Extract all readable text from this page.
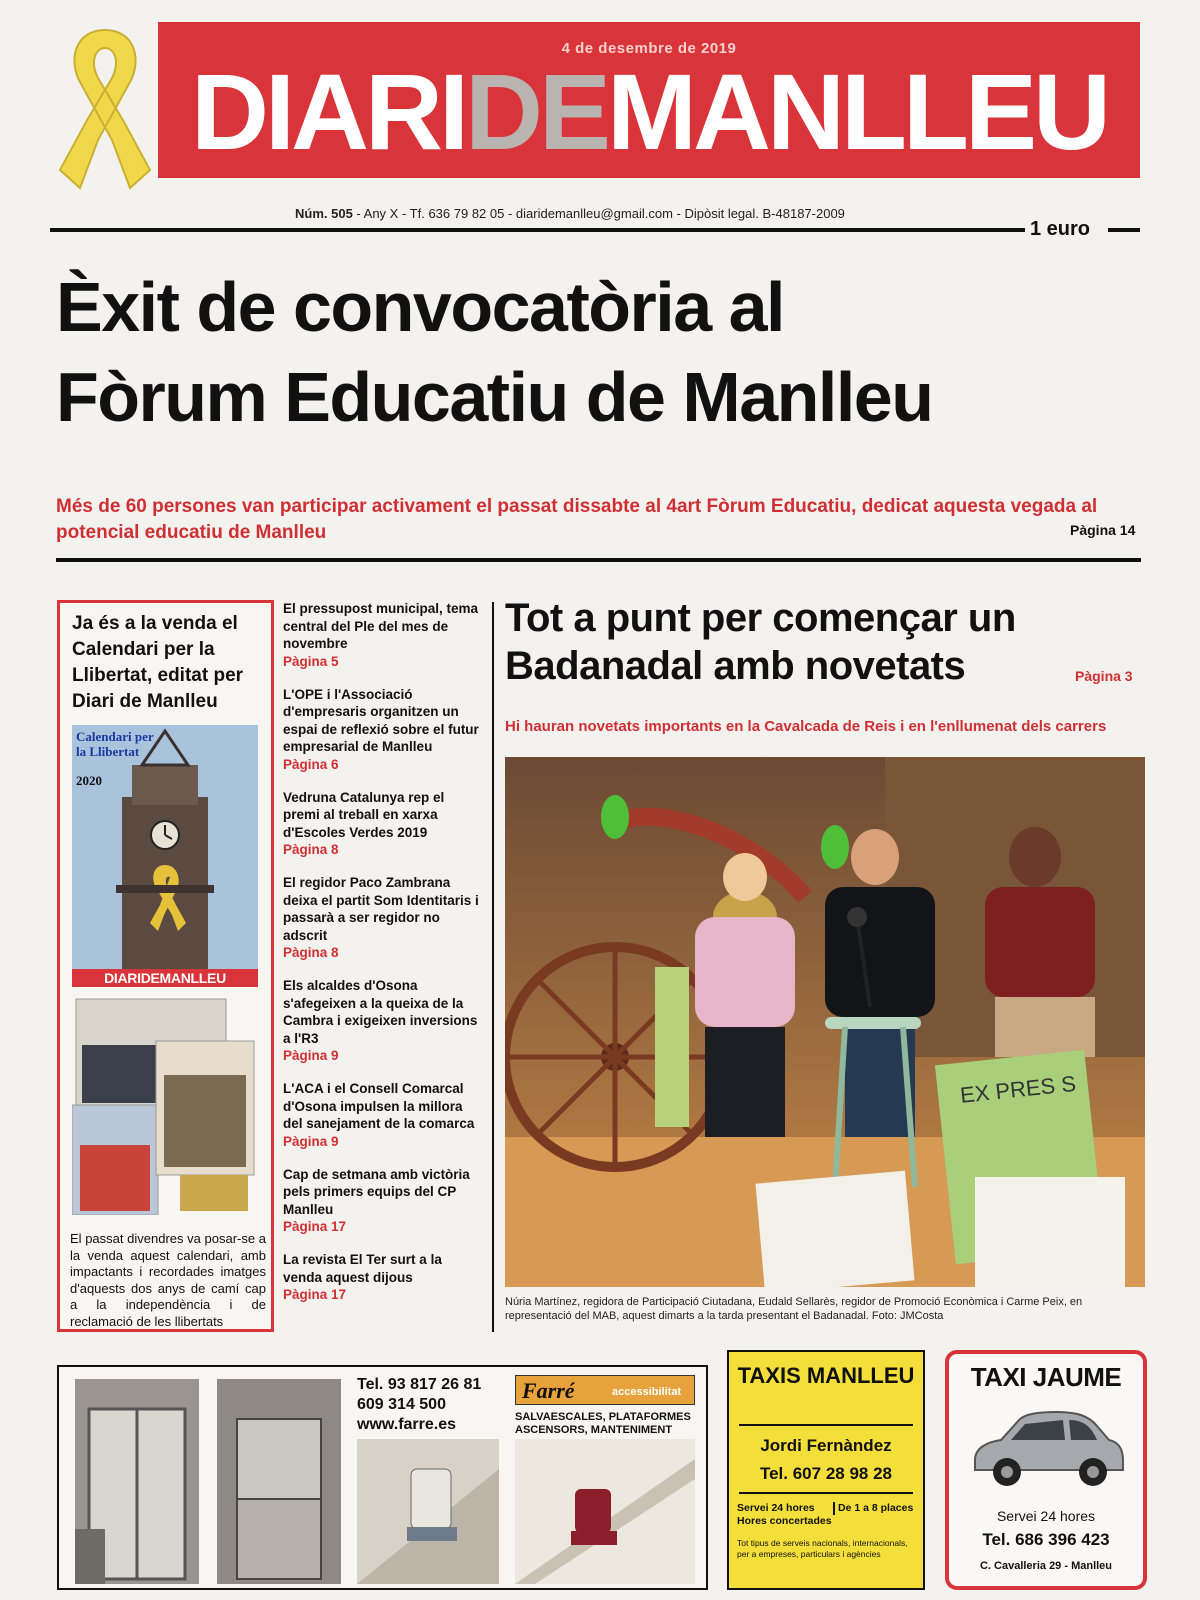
4 de desembre de 2019
DIARIDEMANLLEU
Núm. 505 - Any X - Tf. 636 79 82 05 - diaridemanlleu@gmail.com - Dipòsit legal. B-48187-2009
1 euro
Èxit de convocatòria al
Fòrum Educatiu de Manlleu
Més de 60 persones van participar activament el passat dissabte al 4art Fòrum Educatiu, dedicat aquesta vegada al potencial educatiu de Manlleu	Pàgina 14
Ja és a la venda el Calendari per la Llibertat, editat per Diari de Manlleu
Calendari per la Llibertat
2020
DIARIDEMANLLEU
El passat divendres va posar-se a la venda aquest calendari, amb impactants i recordades imatges d'aquests dos anys de camí cap a la independència i de reclamació de les llibertats
El pressupost municipal, tema central del Ple del mes de novembre
Pàgina 5
L'OPE i l'Associació d'empresaris organitzen un espai de reflexió sobre el futur empresarial de Manlleu
Pàgina 6
Vedruna Catalunya rep el premi al treball en xarxa d'Escoles Verdes 2019
Pàgina 8
El regidor Paco Zambrana deixa el partit Som Identitaris i passarà a ser regidor no adscrit
Pàgina 8
Els alcaldes d'Osona s'afegeixen a la queixa de la Cambra i exigeixen inversions a l'R3
Pàgina 9
L'ACA i el Consell Comarcal d'Osona impulsen la millora del sanejament de la comarca
Pàgina 9
Cap de setmana amb victòria pels primers equips del CP Manlleu
Pàgina 17
La revista El Ter surt a la venda aquest dijous
Pàgina 17
Tot a punt per començar un Badanadal amb novetats	Pàgina 3
Hi hauran novetats importants en la Cavalcada de Reis i en l'enllumenat dels carrers
EX PRES S
Núria Martínez, regidora de Participació Ciutadana, Eudald Sellarès, regidor de Promoció Econòmica i Carme Peix, en representació del MAB, aquest dimarts a la tarda presentant el Badanadal. Foto: JMCosta
Tel. 93 817 26 81
609 314 500
www.farre.es
Farré	accessibilitat
SALVAESCALES, PLATAFORMES ASCENSORS, MANTENIMENT
TAXIS MANLLEU
Jordi Fernàndez
Tel. 607 28 98 28
Servei 24 hores
Hores concertades
De 1 a 8 places
Tot tipus de serveis nacionals, internacionals, per a empreses, particulars i agències
TAXI JAUME
Servei 24 hores
Tel. 686 396 423
C. Cavalleria 29 - Manlleu
